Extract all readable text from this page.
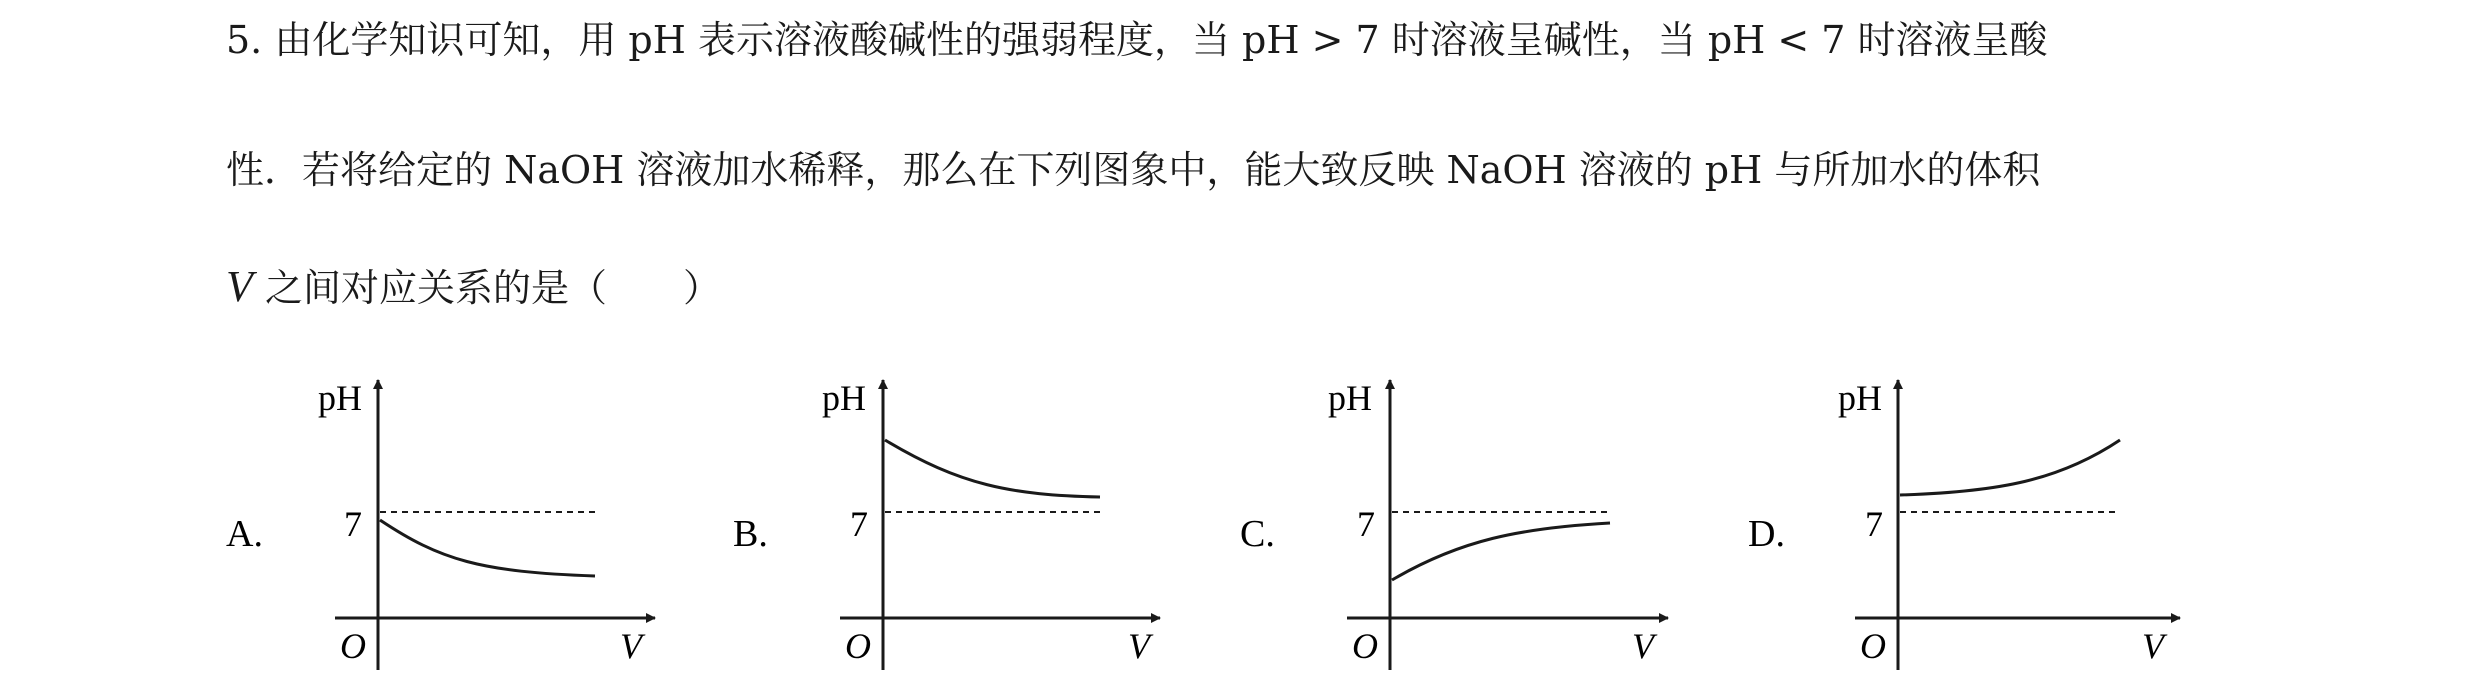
5. 由化学知识可知，用 pH 表示溶液酸碱性的强弱程度，当 pH > 7 时溶液呈碱性，当 pH < 7 时溶液呈酸
性．若将给定的 NaOH 溶液加水稀释，那么在下列图象中，能大致反映 NaOH 溶液的 pH 与所加水的体积
V 之间对应关系的是（　　）
A.
pH
7
O	V
B.
pH
7
O	V
C.
pH
7
O	V
D.
pH
7
O	V
